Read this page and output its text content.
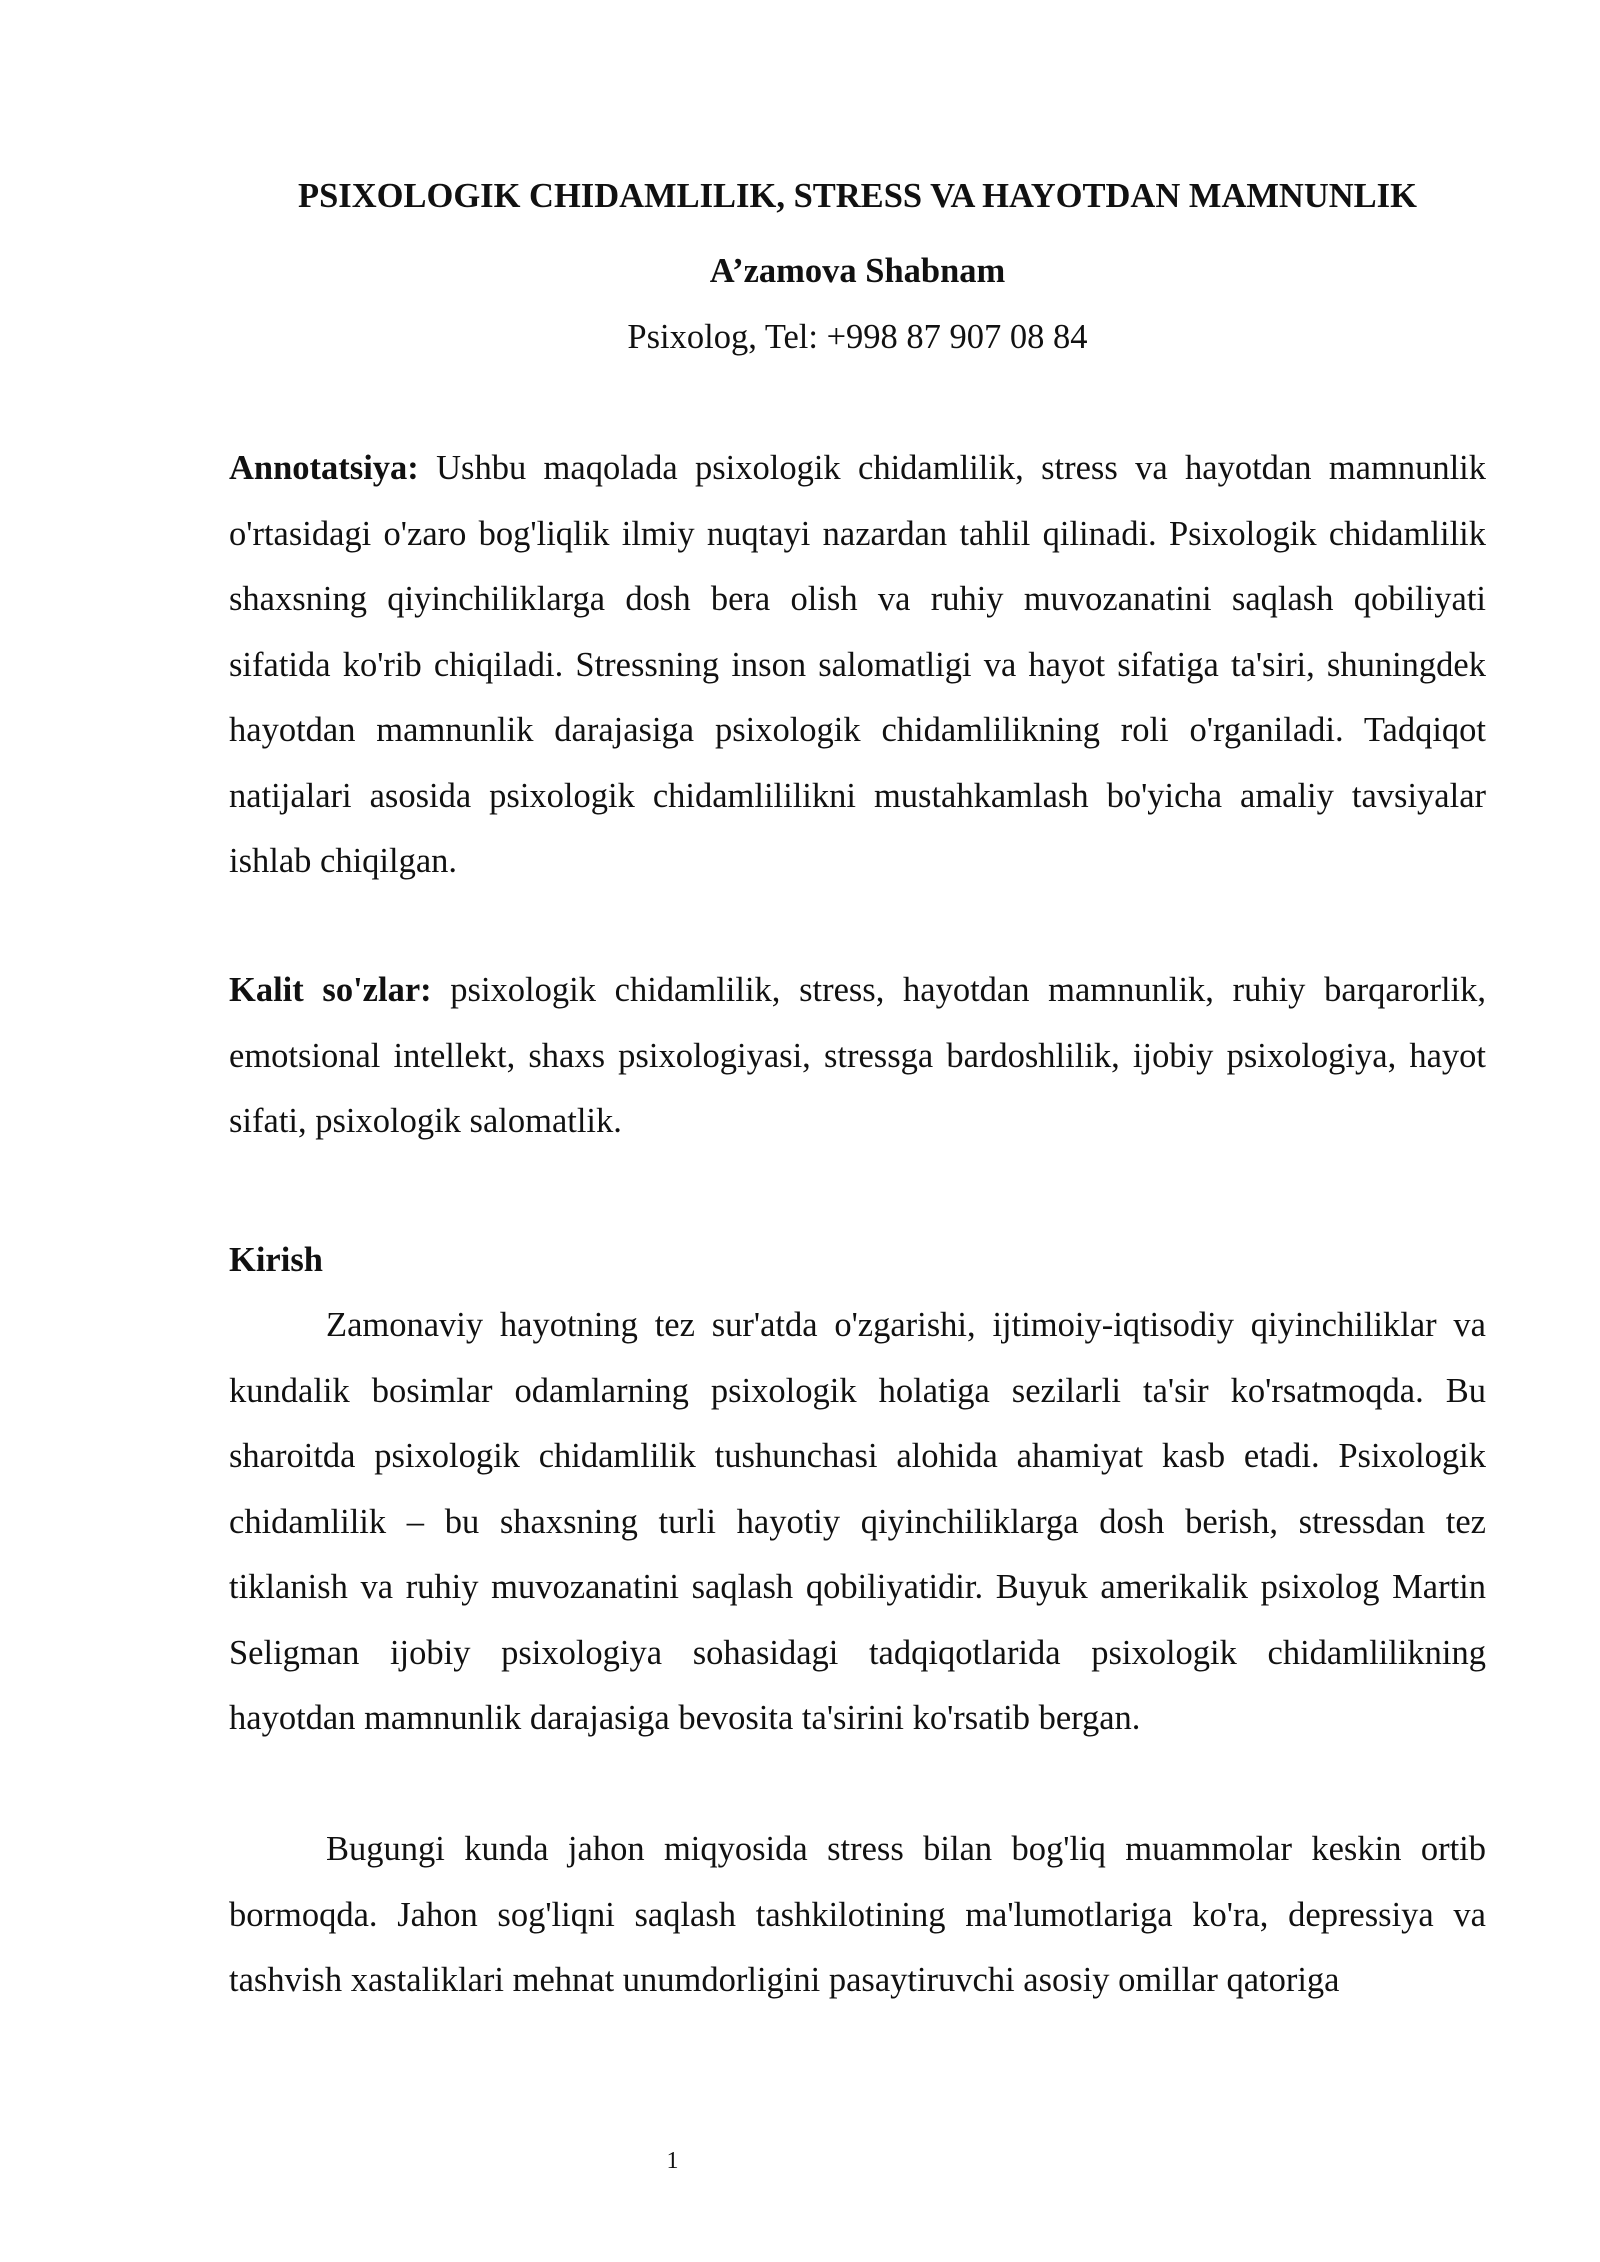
PSIXOLOGIK CHIDAMLILIK, STRESS VA HAYOTDAN MAMNUNLIK

A’zamova Shabnam

Psixolog, Tel: +998 87 907 08 84

Annotatsiya: Ushbu maqolada psixologik chidamlilik, stress va hayotdan mamnunlik o'rtasidagi o'zaro bog'liqlik ilmiy nuqtayi nazardan tahlil qilinadi. Psixologik chidamlilik shaxsning qiyinchiliklarga dosh bera olish va ruhiy muvozanatini saqlash qobiliyati sifatida ko'rib chiqiladi. Stressning inson salomatligi va hayot sifatiga ta'siri, shuningdek hayotdan mamnunlik darajasiga psixologik chidamlilikning roli o'rganiladi. Tadqiqot natijalari asosida psixologik chidamlililikni mustahkamlash bo'yicha amaliy tavsiyalar ishlab chiqilgan.

Kalit so'zlar: psixologik chidamlilik, stress, hayotdan mamnunlik, ruhiy barqarorlik, emotsional intellekt, shaxs psixologiyasi, stressga bardoshlilik, ijobiy psixologiya, hayot sifati, psixologik salomatlik.

Kirish

Zamonaviy hayotning tez sur'atda o'zgarishi, ijtimoiy-iqtisodiy qiyinchiliklar va kundalik bosimlar odamlarning psixologik holatiga sezilarli ta'sir ko'rsatmoqda. Bu sharoitda psixologik chidamlilik tushunchasi alohida ahamiyat kasb etadi. Psixologik chidamlilik – bu shaxsning turli hayotiy qiyinchiliklarga dosh berish, stressdan tez tiklanish va ruhiy muvozanatini saqlash qobiliyatidir. Buyuk amerikalik psixolog Martin Seligman ijobiy psixologiya sohasidagi tadqiqotlarida psixologik chidamlilikning hayotdan mamnunlik darajasiga bevosita ta'sirini ko'rsatib bergan.

Bugungi kunda jahon miqyosida stress bilan bog'liq muammolar keskin ortib bormoqda. Jahon sog'liqni saqlash tashkilotining ma'lumotlariga ko'ra, depressiya va tashvish xastaliklari mehnat unumdorligini pasaytiruvchi asosiy omillar qatoriga

1
